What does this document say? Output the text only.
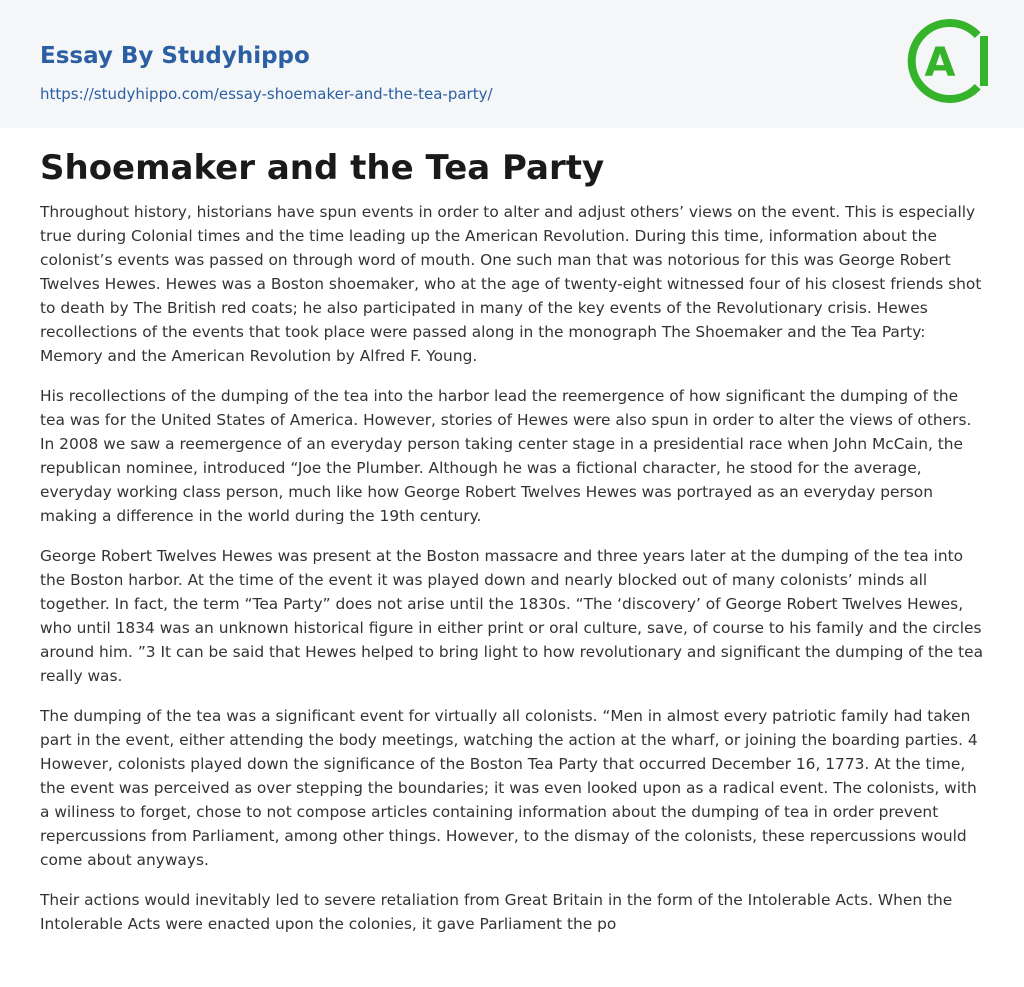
Essay By Studyhippo
https://studyhippo.com/essay-shoemaker-and-the-tea-party/
A
Shoemaker and the Tea Party

Throughout history, historians have spun events in order to alter and adjust others’ views on the event. This is especially true during Colonial times and the time leading up the American Revolution. During this time, information about the colonist’s events was passed on through word of mouth. One such man that was notorious for this was George Robert Twelves Hewes. Hewes was a Boston shoemaker, who at the age of twenty-eight witnessed four of his closest friends shot to death by The British red coats; he also participated in many of the key events of the Revolutionary crisis. Hewes recollections of the events that took place were passed along in the monograph The Shoemaker and the Tea Party: Memory and the American Revolution by Alfred F. Young.

His recollections of the dumping of the tea into the harbor lead the reemergence of how significant the dumping of the tea was for the United States of America. However, stories of Hewes were also spun in order to alter the views of others. In 2008 we saw a reemergence of an everyday person taking center stage in a presidential race when John McCain, the republican nominee, introduced “Joe the Plumber. Although he was a fictional character, he stood for the average, everyday working class person, much like how George Robert Twelves Hewes was portrayed as an everyday person making a difference in the world during the 19th century.

George Robert Twelves Hewes was present at the Boston massacre and three years later at the dumping of the tea into the Boston harbor. At the time of the event it was played down and nearly blocked out of many colonists’ minds all together. In fact, the term “Tea Party” does not arise until the 1830s. “The ‘discovery’ of George Robert Twelves Hewes, who until 1834 was an unknown historical figure in either print or oral culture, save, of course to his family and the circles around him. ”3 It can be said that Hewes helped to bring light to how revolutionary and significant the dumping of the tea really was.

The dumping of the tea was a significant event for virtually all colonists. “Men in almost every patriotic family had taken part in the event, either attending the body meetings, watching the action at the wharf, or joining the boarding parties. 4 However, colonists played down the significance of the Boston Tea Party that occurred December 16, 1773. At the time, the event was perceived as over stepping the boundaries; it was even looked upon as a radical event. The colonists, with a wiliness to forget, chose to not compose articles containing information about the dumping of tea in order prevent repercussions from Parliament, among other things. However, to the dismay of the colonists, these repercussions would come about anyways.

Their actions would inevitably led to severe retaliation from Great Britain in the form of the Intolerable Acts. When the Intolerable Acts were enacted upon the colonies, it gave Parliament the po
